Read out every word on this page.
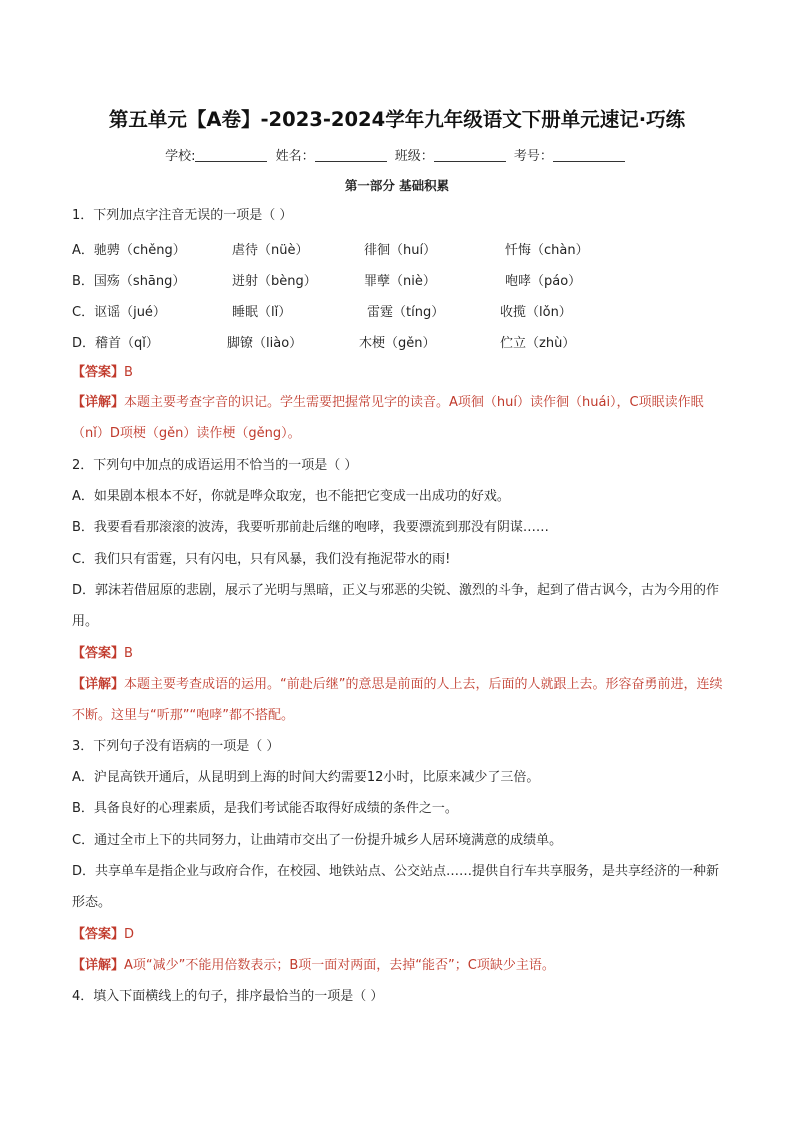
第五单元【A卷】-2023-2024学年九年级语文下册单元速记·巧练
学校:	姓名：	班级：	考号：
第一部分 基础积累
1．下列加点字注音无误的一项是（ ）
A．驰骋（chěng）	虐待（nüè）	徘徊（huí）	忏悔（chàn）
B．国殇（shāng）	迸射（bèng）	罪孽（niè）	咆哮（páo）
C．讴谣（jué）	睡眠（lǐ）	雷霆（tíng）	收揽（lǒn）
D．稽首（qǐ）	脚镣（liào）	木梗（gěn）	伫立（zhù）
【答案】B
【详解】本题主要考查字音的识记。学生需要把握常见字的读音。A项徊（huí）读作徊（huái），C项眠读作眠（nǐ）D项梗（gěn）读作梗（gěng）。
2．下列句中加点的成语运用不恰当的一项是（ ）
A．如果剧本根本不好，你就是哗众取宠，也不能把它变成一出成功的好戏。
B．我要看看那滚滚的波涛，我要听那前赴后继的咆哮，我要漂流到那没有阴谋……
C．我们只有雷霆，只有闪电，只有风暴，我们没有拖泥带水的雨!
D．郭沫若借屈原的悲剧，展示了光明与黑暗，正义与邪恶的尖锐、激烈的斗争，起到了借古讽今，古为今用的作用。
【答案】B
【详解】本题主要考查成语的运用。“前赴后继”的意思是前面的人上去，后面的人就跟上去。形容奋勇前进，连续不断。这里与“听那”“咆哮”都不搭配。
3．下列句子没有语病的一项是（ ）
A．沪昆高铁开通后，从昆明到上海的时间大约需要12小时，比原来减少了三倍。
B．具备良好的心理素质，是我们考试能否取得好成绩的条件之一。
C．通过全市上下的共同努力，让曲靖市交出了一份提升城乡人居环境满意的成绩单。
D．共享单车是指企业与政府合作，在校园、地铁站点、公交站点……提供自行车共享服务，是共享经济的一种新形态。
【答案】D
【详解】A项“减少”不能用倍数表示；B项一面对两面，去掉“能否”；C项缺少主语。
4．填入下面横线上的句子，排序最恰当的一项是（ ）
